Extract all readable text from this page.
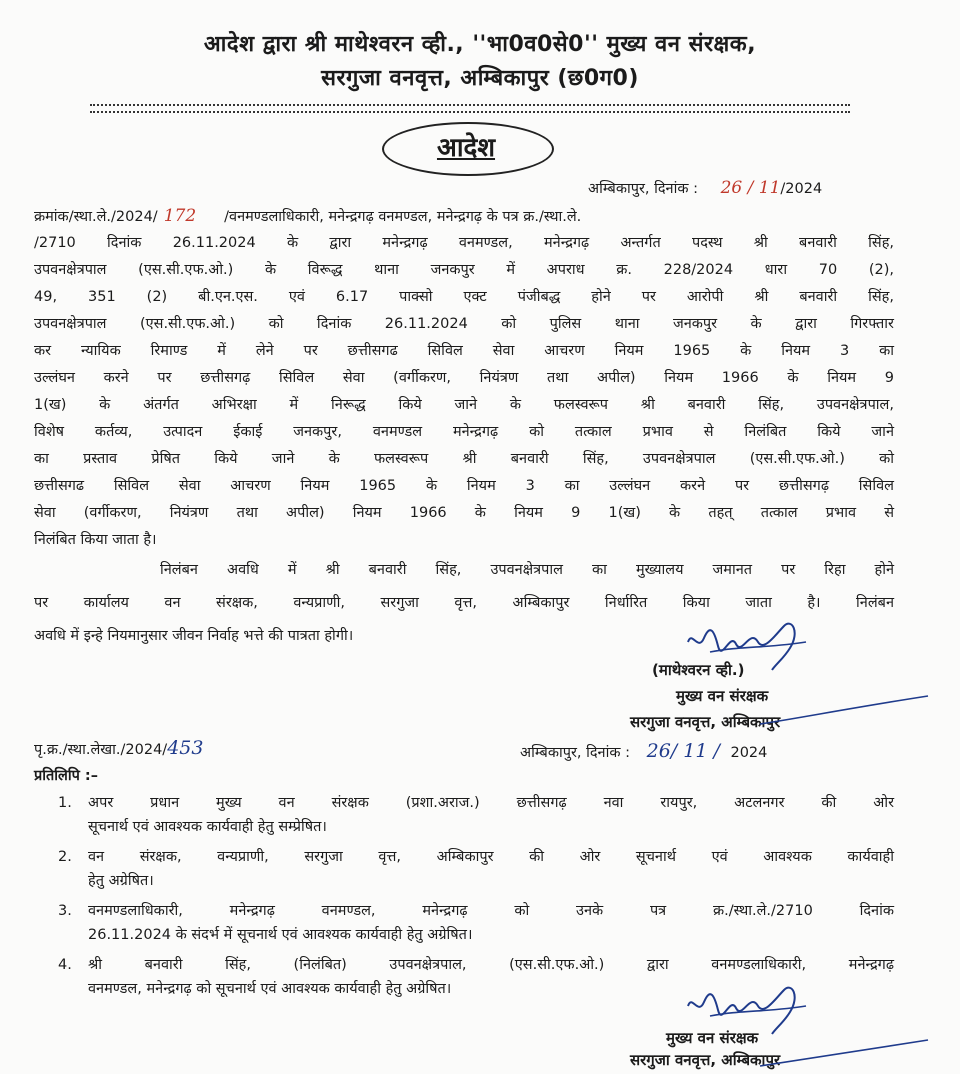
आदेश द्वारा श्री माथेश्वरन व्ही., ''भा0व0से0'' मुख्य वन संरक्षक,
सरगुजा वनवृत्त, अम्बिकापुर (छ0ग0)
आदेश
अम्बिकापुर, दिनांक : 26 / 11/2024
क्रमांक/स्था.ले./2024/ 172 /वनमण्डलाधिकारी, मनेन्द्रगढ़ वनमण्डल, मनेन्द्रगढ़ के पत्र क्र./स्था.ले.
/2710 दिनांक 26.11.2024 के द्वारा मनेन्द्रगढ़ वनमण्डल, मनेन्द्रगढ़ अन्तर्गत पदस्थ श्री बनवारी सिंह,
उपवनक्षेत्रपाल (एस.सी.एफ.ओ.) के विरूद्ध थाना जनकपुर में अपराध क्र. 228/2024 धारा 70 (2),
49, 351 (2) बी.एन.एस. एवं 6.17 पाक्सो एक्ट पंजीबद्ध होने पर आरोपी श्री बनवारी सिंह,
उपवनक्षेत्रपाल (एस.सी.एफ.ओ.) को दिनांक 26.11.2024 को पुलिस थाना जनकपुर के द्वारा गिरफ्तार
कर न्यायिक रिमाण्ड में लेने पर छत्तीसगढ सिविल सेवा आचरण नियम 1965 के नियम 3 का
उल्लंघन करने पर छत्तीसगढ़ सिविल सेवा (वर्गीकरण, नियंत्रण तथा अपील) नियम 1966 के नियम 9
1(ख) के अंतर्गत अभिरक्षा में निरूद्ध किये जाने के फलस्वरूप श्री बनवारी सिंह, उपवनक्षेत्रपाल,
विशेष कर्तव्य, उत्पादन ईकाई जनकपुर, वनमण्डल मनेन्द्रगढ़ को तत्काल प्रभाव से निलंबित किये जाने
का प्रस्ताव प्रेषित किये जाने के फलस्वरूप श्री बनवारी सिंह, उपवनक्षेत्रपाल (एस.सी.एफ.ओ.) को
छत्तीसगढ सिविल सेवा आचरण नियम 1965 के नियम 3 का उल्लंघन करने पर छत्तीसगढ़ सिविल
सेवा (वर्गीकरण, नियंत्रण तथा अपील) नियम 1966 के नियम 9 1(ख) के तहत् तत्काल प्रभाव से
निलंबित किया जाता है।
निलंबन अवधि में श्री बनवारी सिंह, उपवनक्षेत्रपाल का मुख्यालय जमानत पर रिहा होने
पर कार्यालय वन संरक्षक, वन्यप्राणी, सरगुजा वृत्त, अम्बिकापुर निर्धारित किया जाता है। निलंबन
अवधि में इन्हे नियमानुसार जीवन निर्वाह भत्ते की पात्रता होगी।
(माथेश्वरन व्ही.)
मुख्य वन संरक्षक
सरगुजा वनवृत्त, अम्बिकापुर
पृ.क्र./स्था.लेखा./2024/453	अम्बिकापुर, दिनांक : 26/ 11 / 2024
प्रतिलिपि :–
1. अपर प्रधान मुख्य वन संरक्षक (प्रशा.अराज.) छत्तीसगढ़ नवा रायपुर, अटलनगर की ओर
सूचनार्थ एवं आवश्यक कार्यवाही हेतु सम्प्रेषित।
2. वन संरक्षक, वन्यप्राणी, सरगुजा वृत्त, अम्बिकापुर की ओर सूचनार्थ एवं आवश्यक कार्यवाही
हेतु अग्रेषित।
3. वनमण्डलाधिकारी, मनेन्द्रगढ़ वनमण्डल, मनेन्द्रगढ़ को उनके पत्र क्र./स्था.ले./2710 दिनांक
26.11.2024 के संदर्भ में सूचनार्थ एवं आवश्यक कार्यवाही हेतु अग्रेषित।
4. श्री बनवारी सिंह, (निलंबित) उपवनक्षेत्रपाल, (एस.सी.एफ.ओ.) द्वारा वनमण्डलाधिकारी, मनेन्द्रगढ़
वनमण्डल, मनेन्द्रगढ़ को सूचनार्थ एवं आवश्यक कार्यवाही हेतु अग्रेषित।
मुख्य वन संरक्षक
सरगुजा वनवृत्त, अम्बिकापुर
